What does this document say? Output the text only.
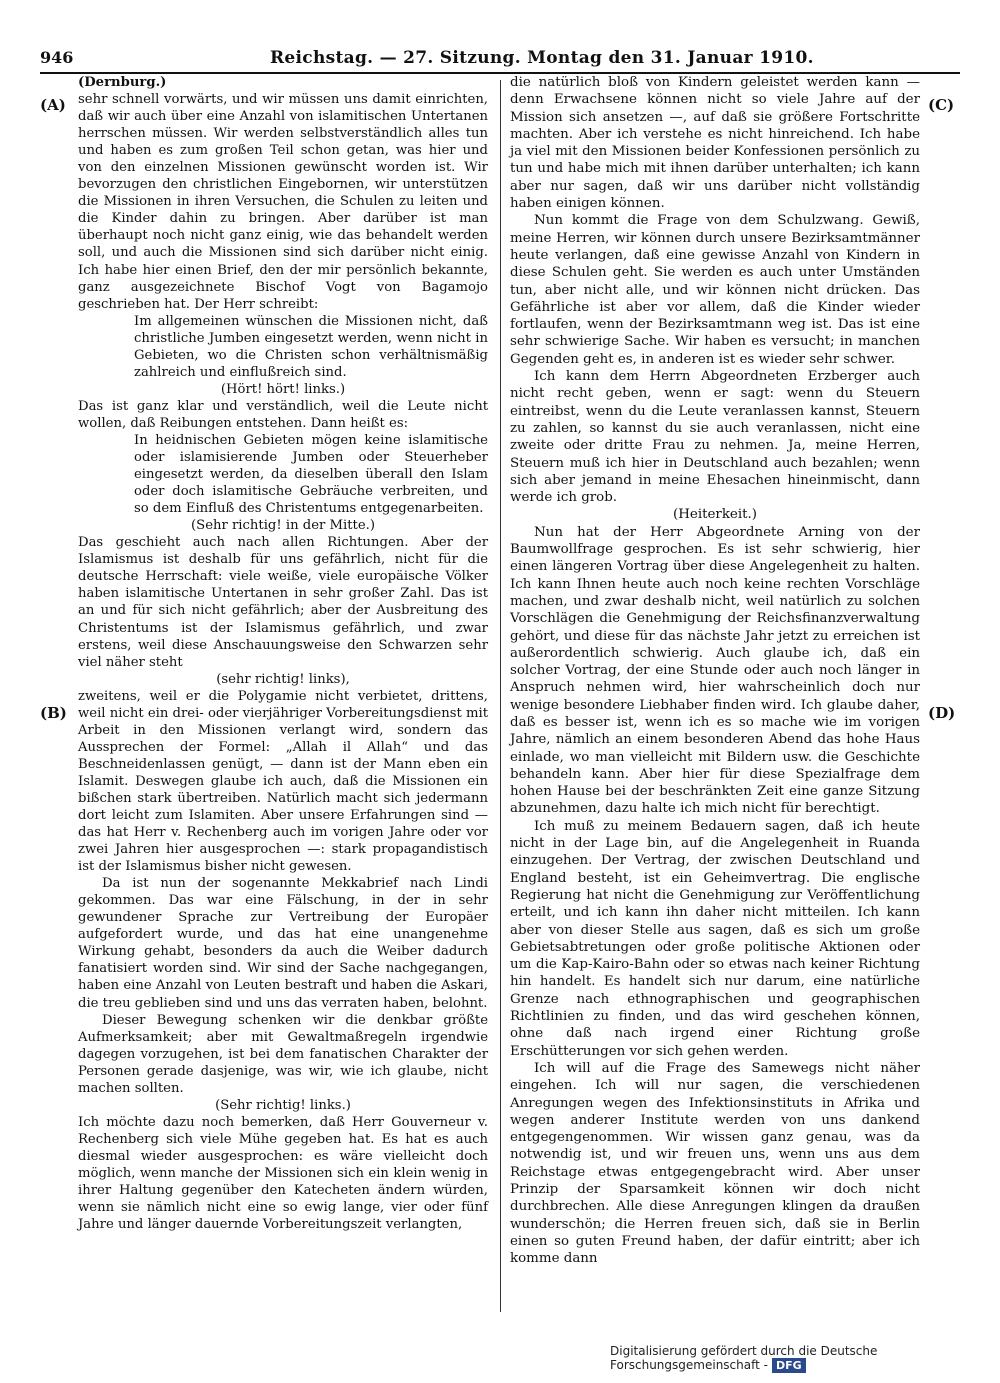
946	Reichstag. — 27. Sitzung. Montag den 31. Januar 1910.
(A)
(B)
(C)
(D)

(Dernburg.)

sehr schnell vorwärts, und wir müssen uns damit einrichten, daß wir auch über eine Anzahl von islamitischen Untertanen herrschen müssen. Wir werden selbstverständlich alles tun und haben es zum großen Teil schon getan, was hier und von den einzelnen Missionen gewünscht worden ist. Wir bevorzugen den christlichen Eingebornen, wir unterstützen die Missionen in ihren Versuchen, die Schulen zu leiten und die Kinder dahin zu bringen. Aber darüber ist man überhaupt noch nicht ganz einig, wie das behandelt werden soll, und auch die Missionen sind sich darüber nicht einig. Ich habe hier einen Brief, den der mir persönlich bekannte, ganz ausgezeichnete Bischof Vogt von Bagamojo geschrieben hat. Der Herr schreibt:

Im allgemeinen wünschen die Missionen nicht, daß christliche Jumben eingesetzt werden, wenn nicht in Gebieten, wo die Christen schon verhältnismäßig zahlreich und einflußreich sind.

(Hört! hört! links.)

Das ist ganz klar und verständlich, weil die Leute nicht wollen, daß Reibungen entstehen. Dann heißt es:

In heidnischen Gebieten mögen keine islamitische oder islamisierende Jumben oder Steuerheber eingesetzt werden, da dieselben überall den Islam oder doch islamitische Gebräuche verbreiten, und so dem Einfluß des Christentums entgegenarbeiten.

(Sehr richtig! in der Mitte.)

Das geschieht auch nach allen Richtungen. Aber der Islamismus ist deshalb für uns gefährlich, nicht für die deutsche Herrschaft: viele weiße, viele europäische Völker haben islamitische Untertanen in sehr großer Zahl. Das ist an und für sich nicht gefährlich; aber der Ausbreitung des Christentums ist der Islamismus gefährlich, und zwar erstens, weil diese Anschauungsweise den Schwarzen sehr viel näher steht

(sehr richtig! links),

zweitens, weil er die Polygamie nicht verbietet, drittens, weil nicht ein drei- oder vierjähriger Vorbereitungsdienst mit Arbeit in den Missionen verlangt wird, sondern das Aussprechen der Formel: „Allah il Allah“ und das Beschneidenlassen genügt, — dann ist der Mann eben ein Islamit. Deswegen glaube ich auch, daß die Missionen ein bißchen stark übertreiben. Natürlich macht sich jedermann dort leicht zum Islamiten. Aber unsere Erfahrungen sind — das hat Herr v. Rechenberg auch im vorigen Jahre oder vor zwei Jahren hier ausgesprochen —: stark propagandistisch ist der Islamismus bisher nicht gewesen.

Da ist nun der sogenannte Mekkabrief nach Lindi gekommen. Das war eine Fälschung, in der in sehr gewundener Sprache zur Vertreibung der Europäer aufgefordert wurde, und das hat eine unangenehme Wirkung gehabt, besonders da auch die Weiber dadurch fanatisiert worden sind. Wir sind der Sache nachgegangen, haben eine Anzahl von Leuten bestraft und haben die Askari, die treu geblieben sind und uns das verraten haben, belohnt.

Dieser Bewegung schenken wir die denkbar größte Aufmerksamkeit; aber mit Gewaltmaßregeln irgendwie dagegen vorzugehen, ist bei dem fanatischen Charakter der Personen gerade dasjenige, was wir, wie ich glaube, nicht machen sollten.

(Sehr richtig! links.)

Ich möchte dazu noch bemerken, daß Herr Gouverneur v. Rechenberg sich viele Mühe gegeben hat. Es hat es auch diesmal wieder ausgesprochen: es wäre vielleicht doch möglich, wenn manche der Missionen sich ein klein wenig in ihrer Haltung gegenüber den Katecheten ändern würden, wenn sie nämlich nicht eine so ewig lange, vier oder fünf Jahre und länger dauernde Vorbereitungszeit verlangten,

die natürlich bloß von Kindern geleistet werden kann — denn Erwachsene können nicht so viele Jahre auf der Mission sich ansetzen —, auf daß sie größere Fortschritte machten. Aber ich verstehe es nicht hinreichend. Ich habe ja viel mit den Missionen beider Konfessionen persönlich zu tun und habe mich mit ihnen darüber unterhalten; ich kann aber nur sagen, daß wir uns darüber nicht vollständig haben einigen können.

Nun kommt die Frage von dem Schulzwang. Gewiß, meine Herren, wir können durch unsere Bezirksamtmänner heute verlangen, daß eine gewisse Anzahl von Kindern in diese Schulen geht. Sie werden es auch unter Umständen tun, aber nicht alle, und wir können nicht drücken. Das Gefährliche ist aber vor allem, daß die Kinder wieder fortlaufen, wenn der Bezirksamtmann weg ist. Das ist eine sehr schwierige Sache. Wir haben es versucht; in manchen Gegenden geht es, in anderen ist es wieder sehr schwer.

Ich kann dem Herrn Abgeordneten Erzberger auch nicht recht geben, wenn er sagt: wenn du Steuern eintreibst, wenn du die Leute veranlassen kannst, Steuern zu zahlen, so kannst du sie auch veranlassen, nicht eine zweite oder dritte Frau zu nehmen. Ja, meine Herren, Steuern muß ich hier in Deutschland auch bezahlen; wenn sich aber jemand in meine Ehesachen hineinmischt, dann werde ich grob.

(Heiterkeit.)

Nun hat der Herr Abgeordnete Arning von der Baumwollfrage gesprochen. Es ist sehr schwierig, hier einen längeren Vortrag über diese Angelegenheit zu halten. Ich kann Ihnen heute auch noch keine rechten Vorschläge machen, und zwar deshalb nicht, weil natürlich zu solchen Vorschlägen die Genehmigung der Reichsfinanzverwaltung gehört, und diese für das nächste Jahr jetzt zu erreichen ist außerordentlich schwierig. Auch glaube ich, daß ein solcher Vortrag, der eine Stunde oder auch noch länger in Anspruch nehmen wird, hier wahrscheinlich doch nur wenige besondere Liebhaber finden wird. Ich glaube daher, daß es besser ist, wenn ich es so mache wie im vorigen Jahre, nämlich an einem besonderen Abend das hohe Haus einlade, wo man vielleicht mit Bildern usw. die Geschichte behandeln kann. Aber hier für diese Spezialfrage dem hohen Hause bei der beschränkten Zeit eine ganze Sitzung abzunehmen, dazu halte ich mich nicht für berechtigt.

Ich muß zu meinem Bedauern sagen, daß ich heute nicht in der Lage bin, auf die Angelegenheit in Ruanda einzugehen. Der Vertrag, der zwischen Deutschland und England besteht, ist ein Geheimvertrag. Die englische Regierung hat nicht die Genehmigung zur Veröffentlichung erteilt, und ich kann ihn daher nicht mitteilen. Ich kann aber von dieser Stelle aus sagen, daß es sich um große Gebietsabtretungen oder große politische Aktionen oder um die Kap-Kairo-Bahn oder so etwas nach keiner Richtung hin handelt. Es handelt sich nur darum, eine natürliche Grenze nach ethnographischen und geographischen Richtlinien zu finden, und das wird geschehen können, ohne daß nach irgend einer Richtung große Erschütterungen vor sich gehen werden.

Ich will auf die Frage des Samewegs nicht näher eingehen. Ich will nur sagen, die verschiedenen Anregungen wegen des Infektionsinstituts in Afrika und wegen anderer Institute werden von uns dankend entgegengenommen. Wir wissen ganz genau, was da notwendig ist, und wir freuen uns, wenn uns aus dem Reichstage etwas entgegengebracht wird. Aber unser Prinzip der Sparsamkeit können wir doch nicht durchbrechen. Alle diese Anregungen klingen da draußen wunderschön; die Herren freuen sich, daß sie in Berlin einen so guten Freund haben, der dafür eintritt; aber ich komme dann

Digitalisierung gefördert durch die Deutsche Forschungsgemeinschaft - DFG
